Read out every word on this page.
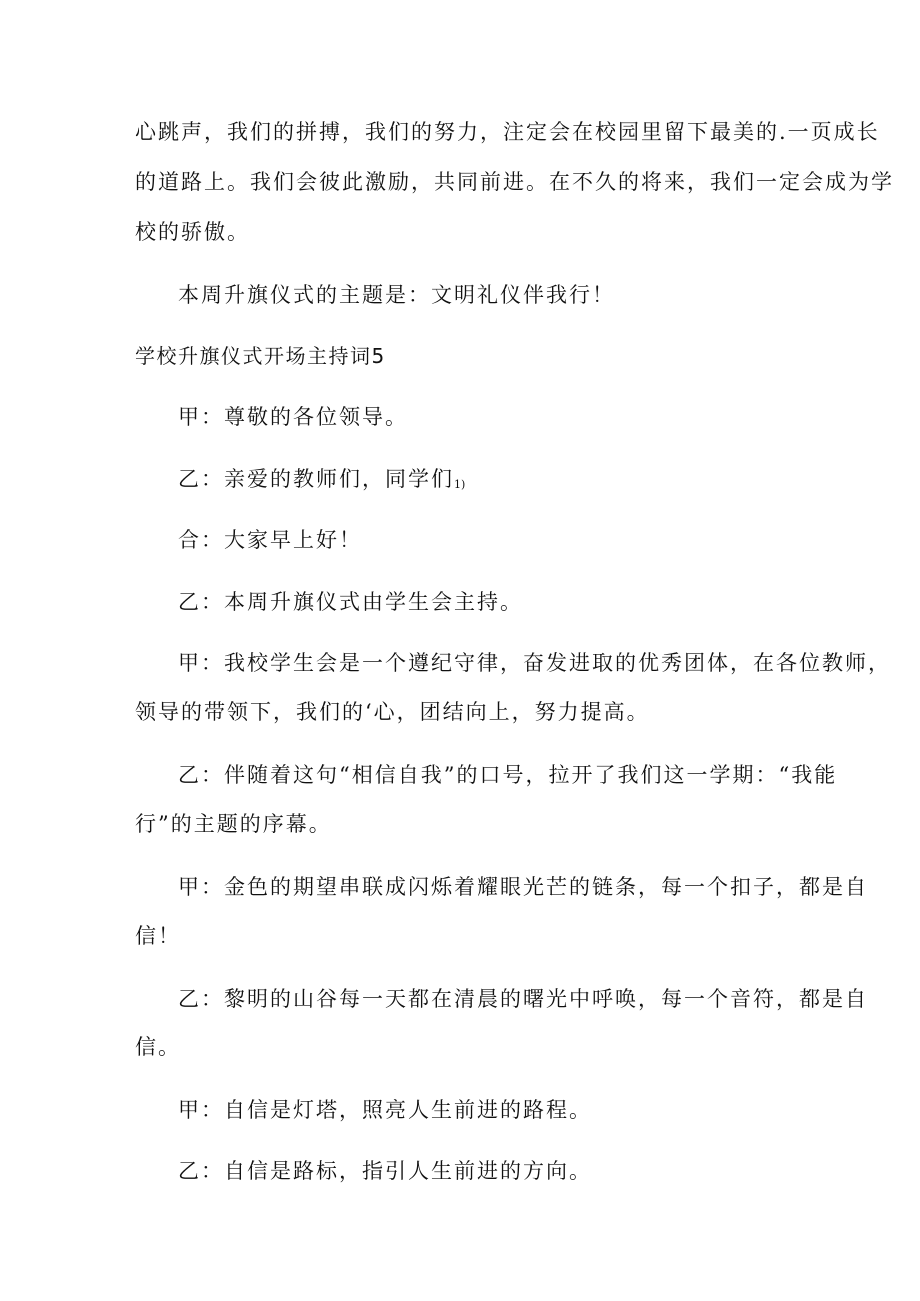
心跳声，我们的拼搏，我们的努力，注定会在校园里留下最美的.一页成长
的道路上。我们会彼此激励，共同前进。在不久的将来，我们一定会成为学
校的骄傲。
本周升旗仪式的主题是：文明礼仪伴我行！
学校升旗仪式开场主持词5
甲：尊敬的各位领导。
乙：亲爱的教师们，同学们1)
合：大家早上好！
乙：本周升旗仪式由学生会主持。
甲：我校学生会是一个遵纪守律，奋发进取的优秀团体，在各位教师，
领导的带领下，我们的‘心，团结向上，努力提高。
乙：伴随着这句“相信自我”的口号，拉开了我们这一学期：“我能
行”的主题的序幕。
甲：金色的期望串联成闪烁着耀眼光芒的链条，每一个扣子，都是自
信！
乙：黎明的山谷每一天都在清晨的曙光中呼唤，每一个音符，都是自
信。
甲：自信是灯塔，照亮人生前进的路程。
乙：自信是路标，指引人生前进的方向。
